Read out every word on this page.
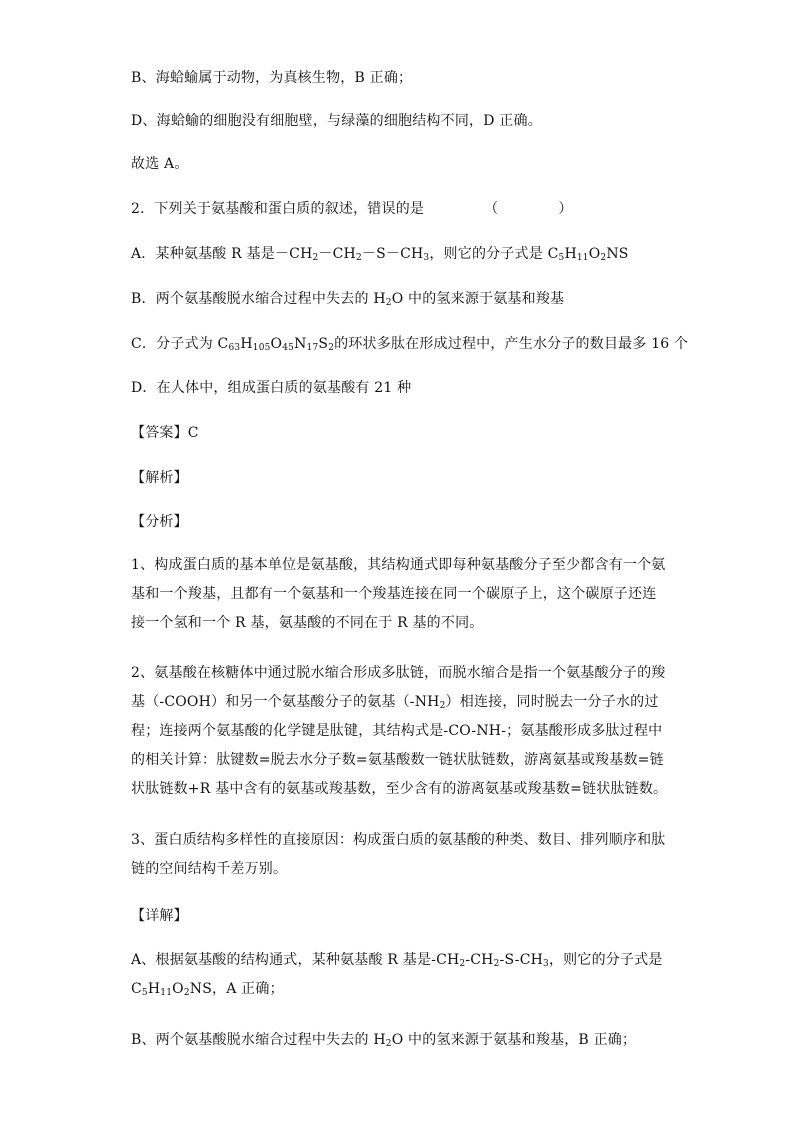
B、海蛤蝓属于动物，为真核生物，B 正确；
D、海蛤蝓的细胞没有细胞壁，与绿藻的细胞结构不同，D 正确。
故选 A。
2．下列关于氨基酸和蛋白质的叙述，错误的是	（	）
A．某种氨基酸 R 基是$-CH_2-CH_2-S-CH_3$，则它的分子式是 $C_5H_{11}O_2NS$
B．两个氨基酸脱水缩合过程中失去的 $H_2O$ 中的氢来源于氨基和羧基
C．分子式为 $C_{63}H_{105}O_{45}N_{17}S_2$的环状多肽在形成过程中，产生水分子的数目最多 16 个
D．在人体中，组成蛋白质的氨基酸有 21 种
【答案】C
【解析】
【分析】
1、构成蛋白质的基本单位是氨基酸，其结构通式即每种氨基酸分子至少都含有一个氨
基和一个羧基，且都有一个氨基和一个羧基连接在同一个碳原子上，这个碳原子还连
接一个氢和一个 R 基，氨基酸的不同在于 R 基的不同。
2、氨基酸在核糖体中通过脱水缩合形成多肽链，而脱水缩合是指一个氨基酸分子的羧
基（-COOH）和另一个氨基酸分子的氨基$(-NH_2)$相连接，同时脱去一分子水的过
程；连接两个氨基酸的化学键是肽键，其结构式是-CO-NH-；氨基酸形成多肽过程中
的相关计算：肽键数=脱去水分子数=氨基酸数一链状肽链数，游离氨基或羧基数=链
状肽链数+R 基中含有的氨基或羧基数，至少含有的游离氨基或羧基数=链状肽链数。
3、蛋白质结构多样性的直接原因：构成蛋白质的氨基酸的种类、数目、排列顺序和肽
链的空间结构千差万别。
【详解】
A、根据氨基酸的结构通式，某种氨基酸 R 基是$-CH_2-CH_2-S-CH_3$，则它的分子式是
$C_5H_{11}O_2NS$，A 正确；
B、两个氨基酸脱水缩合过程中失去的 $H_2O$ 中的氢来源于氨基和羧基，B 正确；
